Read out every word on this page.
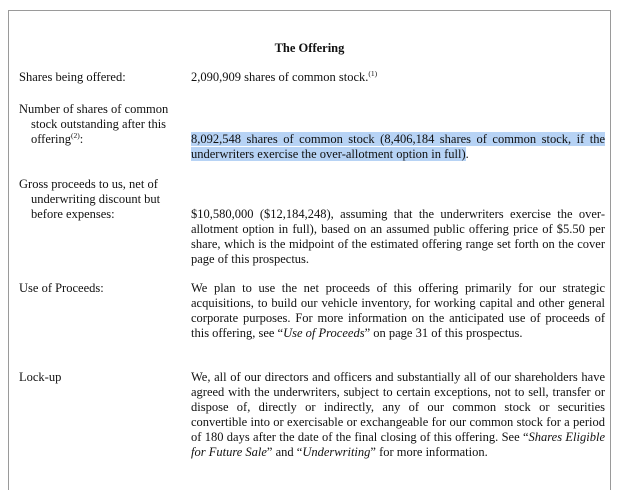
The Offering
Shares being offered:	2,090,909 shares of common stock.$^{(1)}$
Number of shares of common stock outstanding after this offering$^{(2)}$:	8,092,548 shares of common stock (8,406,184 shares of common stock, if the underwriters exercise the over-allotment option in full).
Gross proceeds to us, net of underwriting discount but before expenses:	$10,580,000 ($12,184,248), assuming that the underwriters exercise the over-allotment option in full), based on an assumed public offering price of $5.50 per share, which is the midpoint of the estimated offering range set forth on the cover page of this prospectus.
Use of Proceeds:	We plan to use the net proceeds of this offering primarily for our strategic acquisitions, to build our vehicle inventory, for working capital and other general corporate purposes. For more information on the anticipated use of proceeds of this offering, see “Use of Proceeds” on page 31 of this prospectus.
Lock-up	We, all of our directors and officers and substantially all of our shareholders have agreed with the underwriters, subject to certain exceptions, not to sell, transfer or dispose of, directly or indirectly, any of our common stock or securities convertible into or exercisable or exchangeable for our common stock for a period of 180 days after the date of the final closing of this offering. See “Shares Eligible for Future Sale” and “Underwriting” for more information.
